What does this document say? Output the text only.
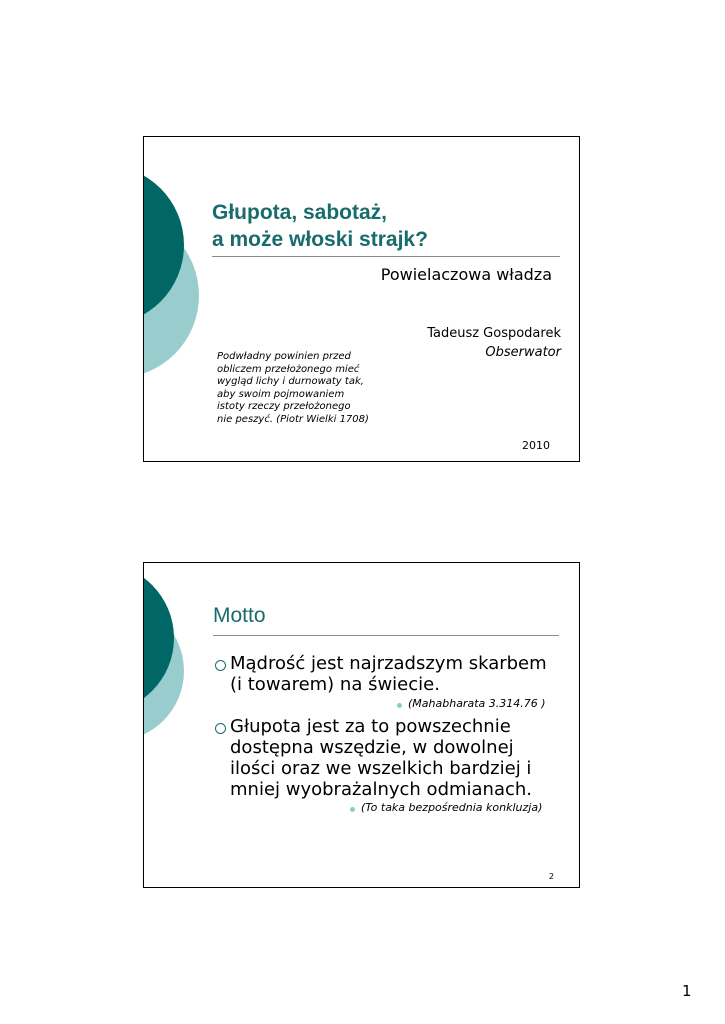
Głupota, sabotaż,
a może włoski strajk?
Powielaczowa władza
Tadeusz Gospodarek
Obserwator
Podwładny powinien przed
obliczem przełożonego mieć
wygląd lichy i durnowaty tak,
aby swoim pojmowaniem
istoty rzeczy przełożonego
nie peszyć. (Piotr Wielki 1708)
2010
Motto
Mądrość jest najrzadszym skarbem
(i towarem) na świecie.
(Mahabharata 3.314.76 )
Głupota jest za to powszechnie
dostępna wszędzie, w dowolnej
ilości oraz we wszelkich bardziej i
mniej wyobrażalnych odmianach.
(To taka bezpośrednia konkluzja)
2
1
